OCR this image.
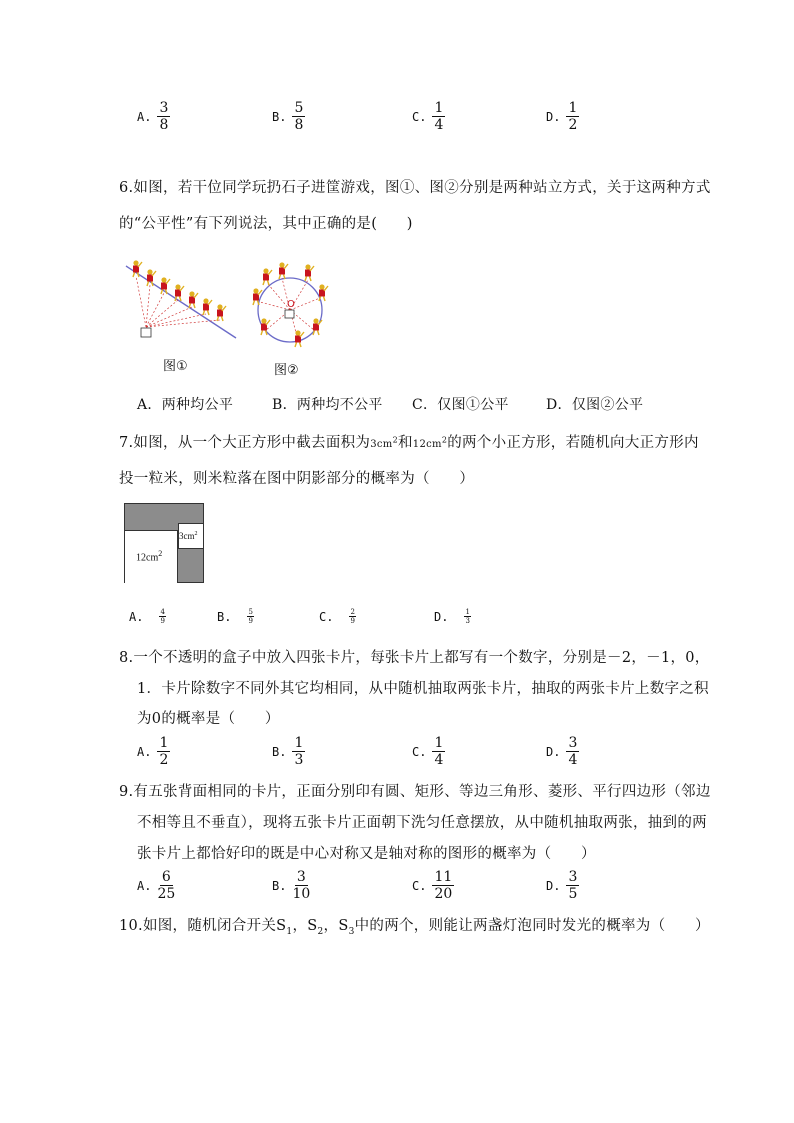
A. $\frac{3}{8}$	B. $\frac{5}{8}$	C. $\frac{1}{4}$	D. $\frac{1}{2}$
6.如图，若干位同学玩扔石子进筐游戏，图①、图②分别是两种站立方式，关于这两种方式
的“公平性”有下列说法，其中正确的是(　　)
图①
O
图②
A．两种均公平	B．两种均不公平 C．仅图①公平	D．仅图②公平
7.如图，从一个大正方形中截去面积为$3cm^2$和$12cm^2$的两个小正方形，若随机向大正方形内
投一粒米，则米粒落在图中阴影部分的概率为（　　）
$12cm^2$
$3cm^2$
A. $\frac{4}{9}$	B. $\frac{5}{9}$	C. $\frac{2}{9}$	D. $\frac{1}{3}$
8.一个不透明的盒子中放入四张卡片，每张卡片上都写有一个数字，分别是－2，－1，0，
1．卡片除数字不同外其它均相同，从中随机抽取两张卡片，抽取的两张卡片上数字之积
为0的概率是（　　）
A. $\frac{1}{2}$	B. $\frac{1}{3}$	C. $\frac{1}{4}$	D. $\frac{3}{4}$
9.有五张背面相同的卡片，正面分别印有圆、矩形、等边三角形、菱形、平行四边形（邻边
不相等且不垂直），现将五张卡片正面朝下洗匀任意摆放，从中随机抽取两张，抽到的两
张卡片上都恰好印的既是中心对称又是轴对称的图形的概率为（　　）
A. $\frac{6}{25}$	B. $\frac{3}{10}$	C. $\frac{11}{20}$	D. $\frac{3}{5}$
10.如图，随机闭合开关$S_1$，$S_2$，$S_3$中的两个，则能让两盏灯泡同时发光的概率为（　　）
